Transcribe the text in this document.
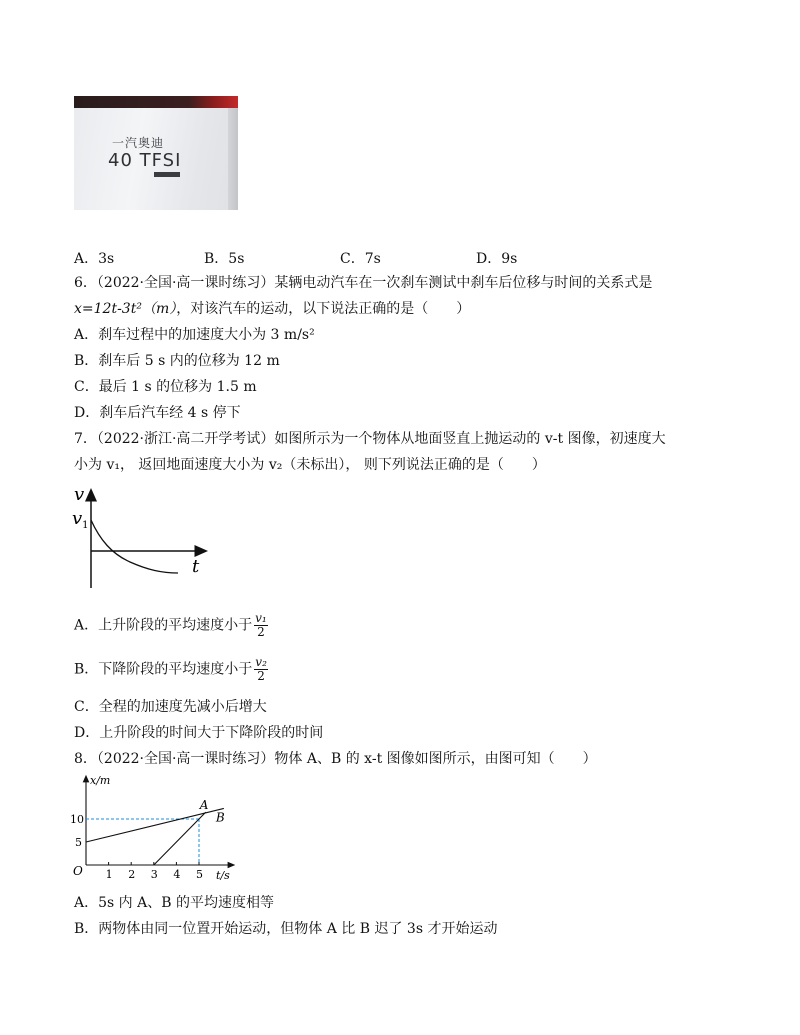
一汽奥迪
40 TFSI
A．3s	B．5s	C．7s	D．9s
6．（2022·全国·高一课时练习）某辆电动汽车在一次刹车测试中刹车后位移与时间的关系式是
x=12t-3t²（m），对该汽车的运动，以下说法正确的是（　　）
A．刹车过程中的加速度大小为 3 m/s²
B．刹车后 5 s 内的位移为 12 m
C．最后 1 s 的位移为 1.5 m
D．刹车后汽车经 4 s 停下
7．（2022·浙江·高二开学考试）如图所示为一个物体从地面竖直上抛运动的 v-t 图像，初速度大
小为 v₁， 返回地面速度大小为 v₂（未标出）， 则下列说法正确的是（　　）
v
$v_1$
t
A．上升阶段的平均速度小于 $\frac{\text{v₁}}{2}$
B．下降阶段的平均速度小于 $\frac{\text{v₂}}{2}$
C．全程的加速度先减小后增大
D．上升阶段的时间大于下降阶段的时间
8．（2022·全国·高一课时练习）物体 A、B 的 x-t 图像如图所示，由图可知（　　）
1 2 3 4 5
5
10
A
B
x/m
t/s
O
A．5s 内 A、B 的平均速度相等
B．两物体由同一位置开始运动，但物体 A 比 B 迟了 3s 才开始运动
